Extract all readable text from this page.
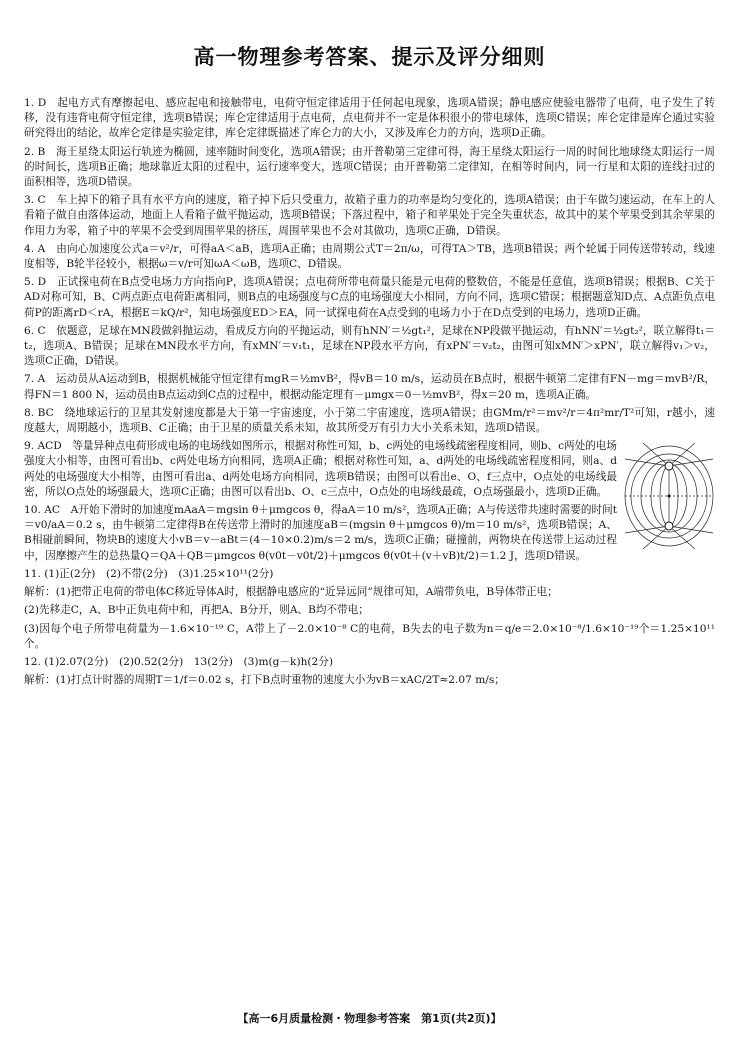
高一物理参考答案、提示及评分细则

1. D　起电方式有摩擦起电、感应起电和接触带电，电荷守恒定律适用于任何起电现象，选项A错误；静电感应使验电器带了电荷，电子发生了转移，没有违背电荷守恒定律，选项B错误；库仑定律适用于点电荷，点电荷并不一定是体积很小的带电球体，选项C错误；库仑定律是库仑通过实验研究得出的结论，故库仑定律是实验定律，库仑定律既描述了库仑力的大小，又涉及库仑力的方向，选项D正确。

2. B　海王星绕太阳运行轨迹为椭圆，速率随时间变化，选项A错误；由开普勒第三定律可得，海王星绕太阳运行一周的时间比地球绕太阳运行一周的时间长，选项B正确；地球靠近太阳的过程中，运行速率变大，选项C错误；由开普勒第二定律知，在相等时间内，同一行星和太阳的连线扫过的面积相等，选项D错误。

3. C　车上掉下的箱子具有水平方向的速度，箱子掉下后只受重力，故箱子重力的功率是均匀变化的，选项A错误；由于车做匀速运动，在车上的人看箱子做自由落体运动，地面上人看箱子做平抛运动，选项B错误；下落过程中，箱子和苹果处于完全失重状态，故其中的某个苹果受到其余苹果的作用力为零，箱子中的苹果不会受到周围苹果的挤压，周围苹果也不会对其做功，选项C正确，D错误。

4. A　由向心加速度公式a＝v²/r，可得aA＜aB，选项A正确；由周期公式T＝2π/ω，可得TA＞TB，选项B错误；两个轮属于同传送带转动，线速度相等，B轮半径较小，根据ω＝v/r可知ωA＜ωB，选项C、D错误。

5. D　正试探电荷在B点受电场力方向指向P，选项A错误；点电荷所带电荷量只能是元电荷的整数倍，不能是任意值，选项B错误；根据B、C关于AD对称可知，B、C两点距点电荷距离相同，则B点的电场强度与C点的电场强度大小相同，方向不同，选项C错误；根据题意知D点、A点距负点电荷P的距离rD＜rA，根据E＝kQ/r²，知电场强度ED＞EA，同一试探电荷在A点受到的电场力小于在D点受到的电场力，选项D正确。

6. C　依题意，足球在MN段做斜抛运动，看成反方向的平抛运动，则有hNN′＝½gt₁²，足球在NP段做平抛运动，有hNN′＝½gt₂²，联立解得t₁＝t₂，选项A、B错误；足球在MN段水平方向，有xMN′＝v₁t₁，足球在NP段水平方向，有xPN′＝v₂t₂，由图可知xMN′＞xPN′，联立解得v₁＞v₂，选项C正确，D错误。

7. A　运动员从A运动到B，根据机械能守恒定律有mgR＝½mvB²，得vB＝10 m/s，运动员在B点时，根据牛顿第二定律有FN－mg＝mvB²/R，得FN＝1 800 N，运动员由B点运动到C点的过程中，根据动能定理有－μmgx＝0－½mvB²，得x＝20 m，选项A正确。

8. BC　绕地球运行的卫星其发射速度都是大于第一宇宙速度，小于第二宇宙速度，选项A错误；由GMm/r²＝mv²/r＝4π²mr/T²可知，r越小，速度越大，周期越小，选项B、C正确；由于卫星的质量关系未知，故其所受万有引力大小关系未知，选项D错误。

9. ACD　等量异种点电荷形成电场的电场线如图所示，根据对称性可知，b、c两处的电场线疏密程度相同，则b、c两处的电场强度大小相等，由图可看出b、c两处电场方向相同，选项A正确；根据对称性可知，a、d两处的电场线疏密程度相同，则a、d两处的电场强度大小相等，由图可看出a、d两处电场方向相同，选项B错误；由图可以看出e、O、f三点中，O点处的电场线最密，所以O点处的场强最大，选项C正确；由图可以看出b、O、c三点中，O点处的电场线最疏，O点场强最小，选项D正确。

10. AC　A开始下滑时的加速度mAaA＝mgsin θ＋μmgcos θ，得aA＝10 m/s²，选项A正确；A与传送带共速时需要的时间t＝v0/aA＝0.2 s，由牛顿第二定律得B在传送带上滑时的加速度aB＝(mgsin θ＋μmgcos θ)/m＝10 m/s²，选项B错误；A、B相碰前瞬间，物块B的速度大小vB＝v－aBt＝(4－10×0.2)m/s＝2 m/s，选项C正确；碰撞前，两物块在传送带上运动过程中，因摩擦产生的总热量Q＝QA＋QB＝μmgcos θ(v0t－v0t/2)＋μmgcos θ(v0t＋(v＋vB)t/2)＝1.2 J，选项D错误。

11. (1)正(2分)　(2)不带(2分)　(3)1.25×10¹¹(2分)

解析：(1)把带正电荷的带电体C移近导体A时，根据静电感应的“近异远同”规律可知，A端带负电，B导体带正电；

(2)先移走C，A、B中正负电荷中和，再把A、B分开，则A、B均不带电；

(3)因每个电子所带电荷量为－1.6×10⁻¹⁹ C，A带上了－2.0×10⁻⁸ C的电荷，B失去的电子数为n＝q/e＝2.0×10⁻⁸/1.6×10⁻¹⁹个＝1.25×10¹¹个。

12. (1)2.07(2分)　(2)0.52(2分)　13(2分)　(3)m(g－k)h(2分)

解析：(1)打点计时器的周期T＝1/f＝0.02 s，打下B点时重物的速度大小为vB＝xAC/2T≈2.07 m/s；

【高一6月质量检测・物理参考答案　第1页(共2页)】
